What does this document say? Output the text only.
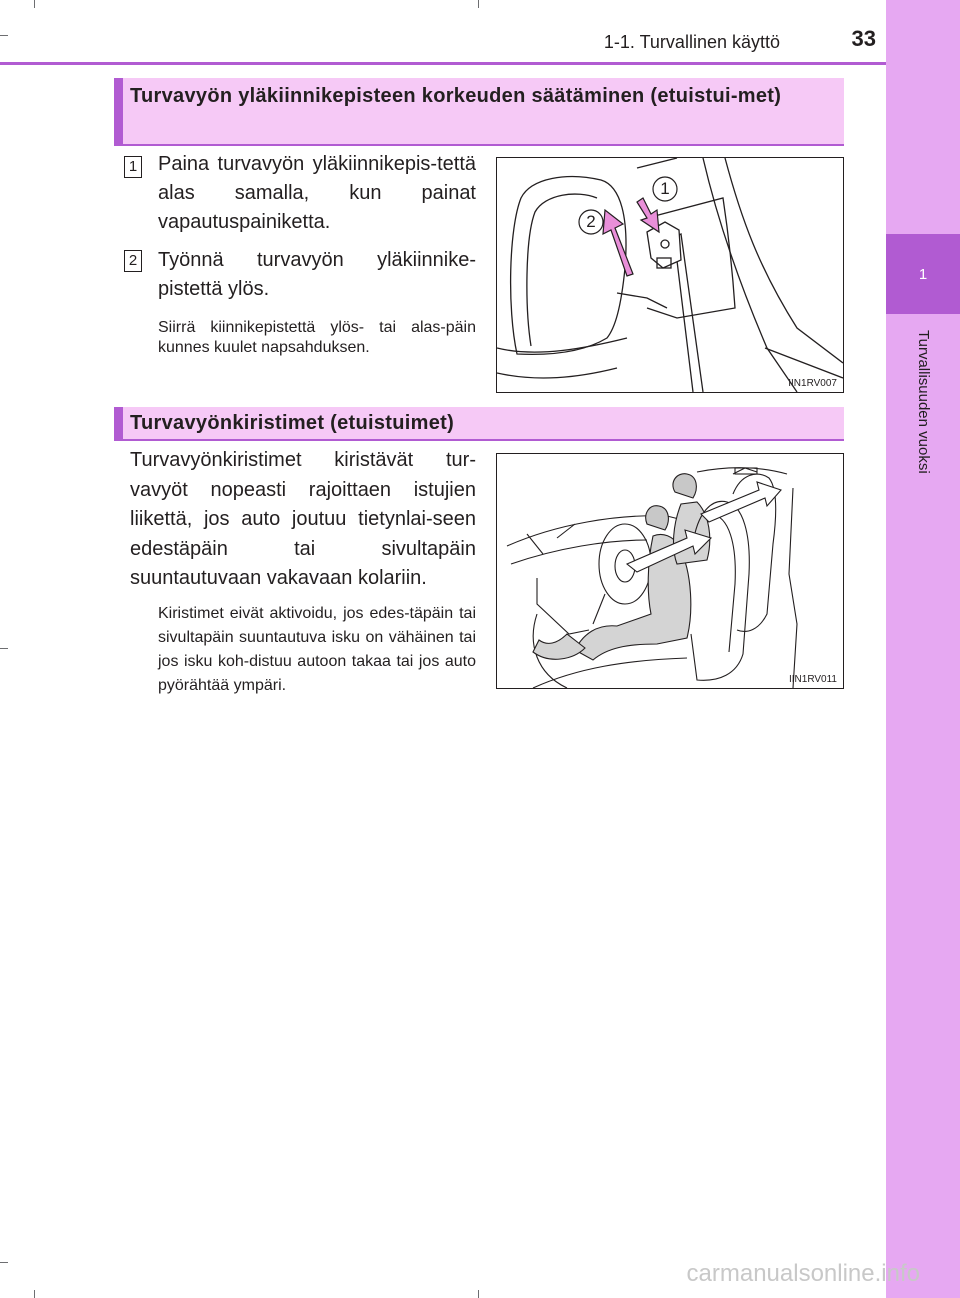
1
Turvallisuuden vuoksi
1-1. Turvallinen käyttö	33
Turvavyön yläkiinnikepisteen korkeuden säätäminen (etuistui-met)
1 Paina turvavyön yläkiinnikepis-tettä alas samalla, kun painat vapautuspainiketta.
2 Työnnä turvavyön yläkiinnike-pistettä ylös.
Siirrä kiinnikepistettä ylös- tai alas-päin kunnes kuulet napsahduksen.
1
2
IIN1RV007
Turvavyönkiristimet (etuistuimet)
Turvavyönkiristimet kiristävät tur-vavyöt nopeasti rajoittaen istujien liikettä, jos auto joutuu tietynlai-seen edestäpäin tai sivultapäin suuntautuvaan vakavaan kolariin.
Kiristimet eivät aktivoidu, jos edes-täpäin tai sivultapäin suuntautuva isku on vähäinen tai jos isku koh-distuu autoon takaa tai jos auto pyörähtää ympäri.	IIN1RV011
carmanualsonline.info
